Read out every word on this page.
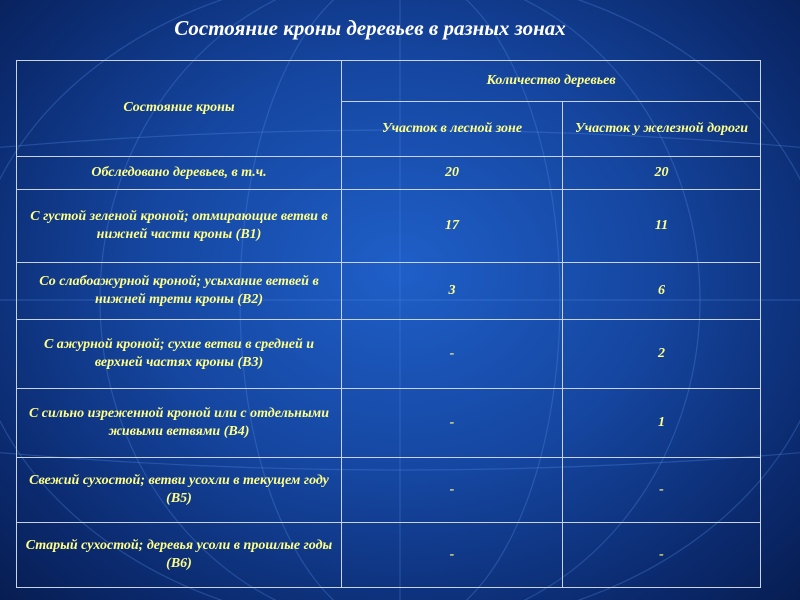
Состояние кроны деревьев в разных зонах
Состояние кроны	Количество деревьев	
	Участок в лесной зоне	Участок у железной дороги
Обследовано деревьев, в т.ч.	20	20
С густой зеленой кроной; отмирающие ветви в нижней части кроны (В1)	17	11
Со слабоажурной кроной; усыхание ветвей в нижней трети кроны (В2)	3	6
С ажурной кроной; сухие ветви в средней и верхней частях кроны (В3)	-	2
С сильно изреженной кроной или с отдельными живыми ветвями (В4)	-	1
Свежий сухостой; ветви усохли в текущем году (В5)	-	-
Старый сухостой; деревья усоли в прошлые годы (В6)	-	-
